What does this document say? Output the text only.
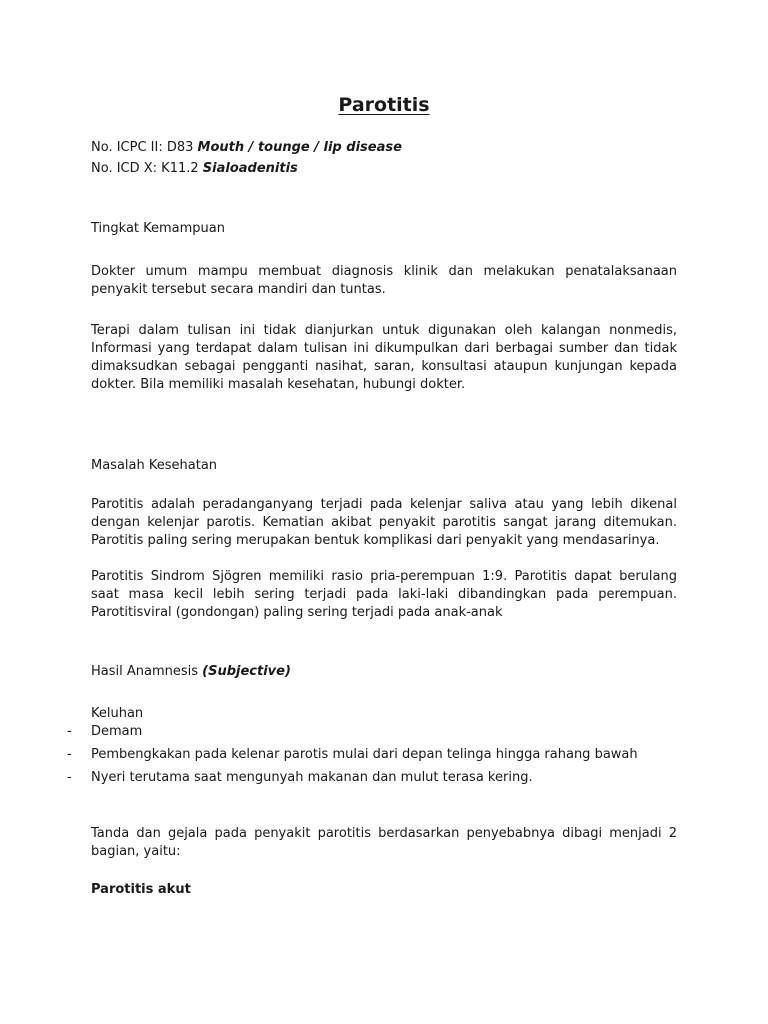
Parotitis

No. ICPC II: D83 Mouth / tounge / lip disease

No. ICD X: K11.2 Sialoadenitis

Tingkat Kemampuan

Dokter umum mampu membuat diagnosis klinik dan melakukan penatalaksanaan penyakit tersebut secara mandiri dan tuntas.

Terapi dalam tulisan ini tidak dianjurkan untuk digunakan oleh kalangan nonmedis, Informasi yang terdapat dalam tulisan ini dikumpulkan dari berbagai sumber dan tidak dimaksudkan sebagai pengganti nasihat, saran, konsultasi ataupun kunjungan kepada dokter. Bila memiliki masalah kesehatan, hubungi dokter.

Masalah Kesehatan

Parotitis adalah peradanganyang terjadi pada kelenjar saliva atau yang lebih dikenal dengan kelenjar parotis. Kematian akibat penyakit parotitis sangat jarang ditemukan. Parotitis paling sering merupakan bentuk komplikasi dari penyakit yang mendasarinya.

Parotitis Sindrom Sjögren memiliki rasio pria-perempuan 1:9. Parotitis dapat berulang saat masa kecil lebih sering terjadi pada laki-laki dibandingkan pada perempuan. Parotitisviral (gondongan) paling sering terjadi pada anak-anak

Hasil Anamnesis (Subjective)

Keluhan

- Demam
- Pembengkakan pada kelenar parotis mulai dari depan telinga hingga rahang bawah
- Nyeri terutama saat mengunyah makanan dan mulut terasa kering.

Tanda dan gejala pada penyakit parotitis berdasarkan penyebabnya dibagi menjadi 2 bagian, yaitu:

Parotitis akut
